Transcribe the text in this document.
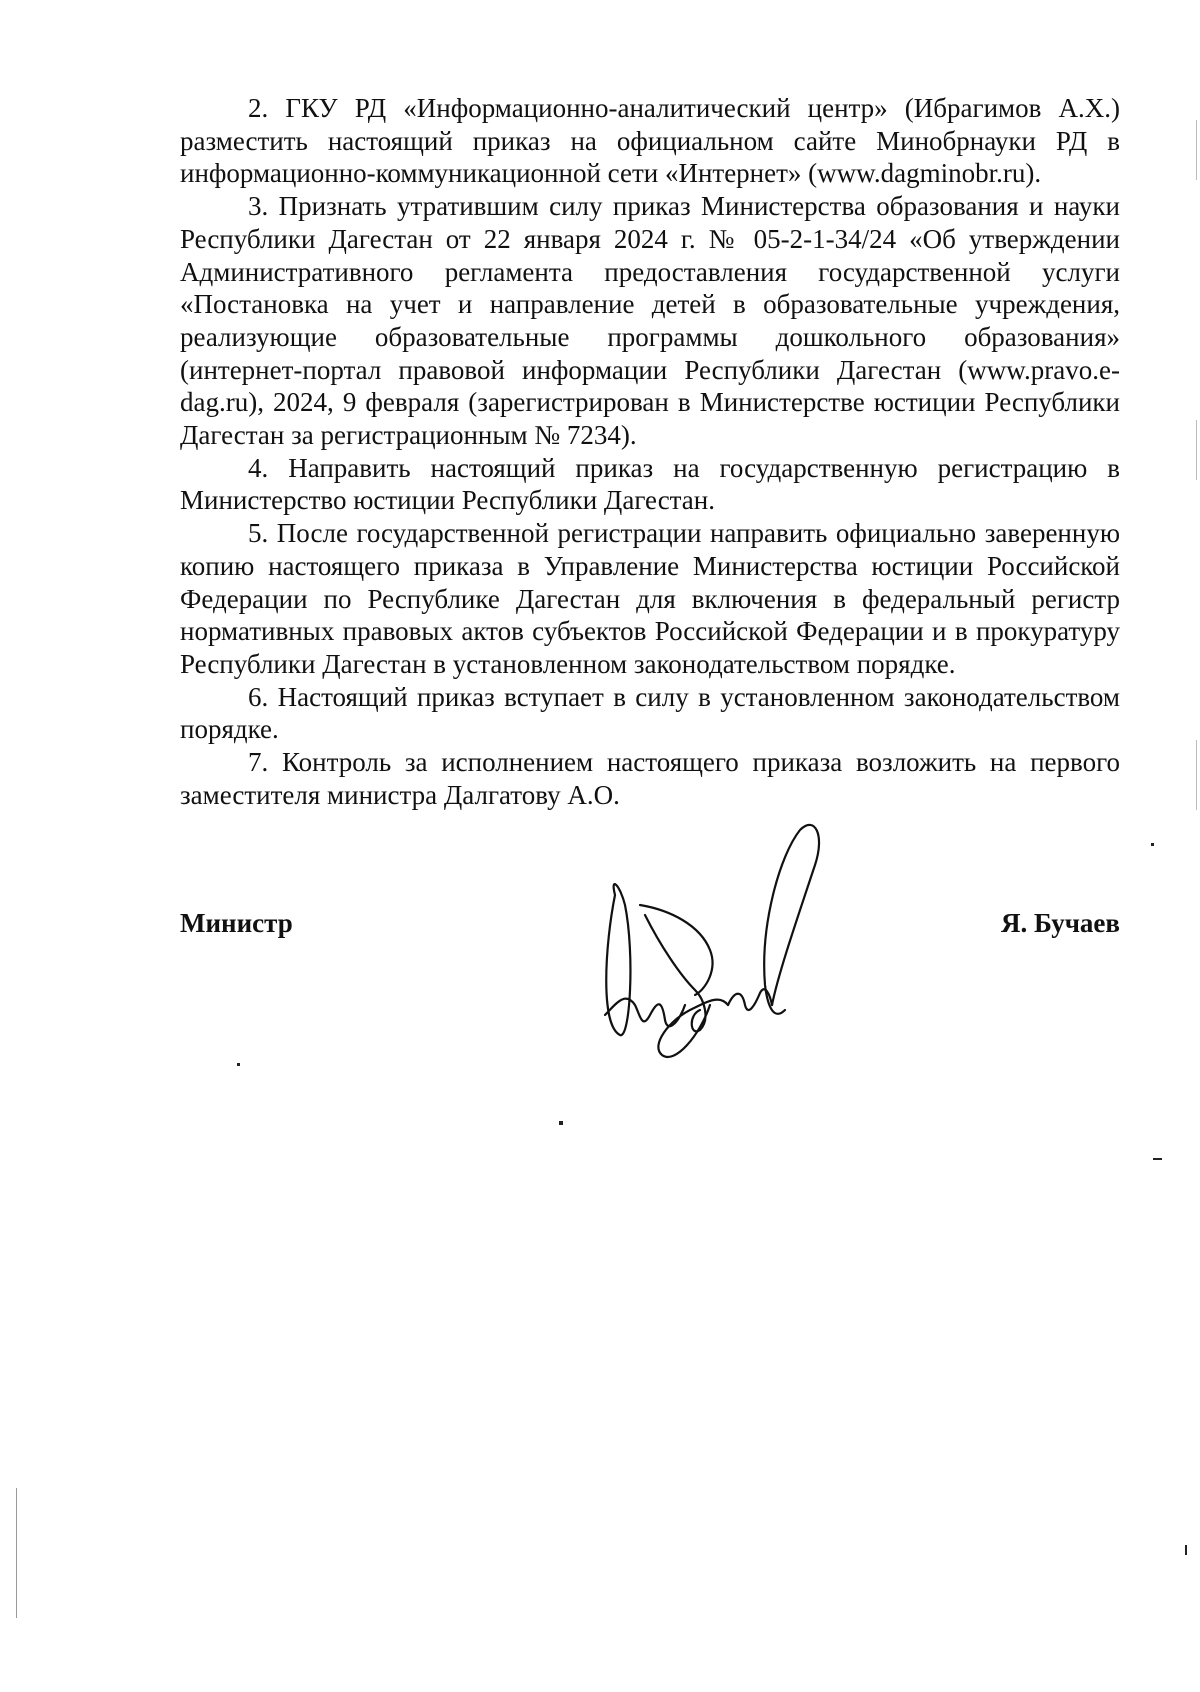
2. ГКУ РД «Информационно-аналитический центр» (Ибрагимов А.Х.) разместить настоящий приказ на официальном сайте Минобрнауки РД в информационно-коммуникационной сети «Интернет» (www.dagminobr.ru).

3. Признать утратившим силу приказ Министерства образования и науки Республики Дагестан от 22 января 2024 г. № 05-2-1-34/24 «Об утверждении Административного регламента предоставления государственной услуги «Постановка на учет и направление детей в образовательные учреждения, реализующие образовательные программы дошкольного образования» (интернет-портал правовой информации Республики Дагестан (www.pravo.e-dag.ru), 2024, 9 февраля (зарегистрирован в Министерстве юстиции Республики Дагестан за регистрационным № 7234).

4. Направить настоящий приказ на государственную регистрацию в Министерство юстиции Республики Дагестан.

5. После государственной регистрации направить официально заверенную копию настоящего приказа в Управление Министерства юстиции Российской Федерации по Республике Дагестан для включения в федеральный регистр нормативных правовых актов субъектов Российской Федерации и в прокуратуру Республики Дагестан в установленном законодательством порядке.

6. Настоящий приказ вступает в силу в установленном законодательством порядке.

7. Контроль за исполнением настоящего приказа возложить на первого заместителя министра Далгатову А.О.

Министр	Я. Бучаев
